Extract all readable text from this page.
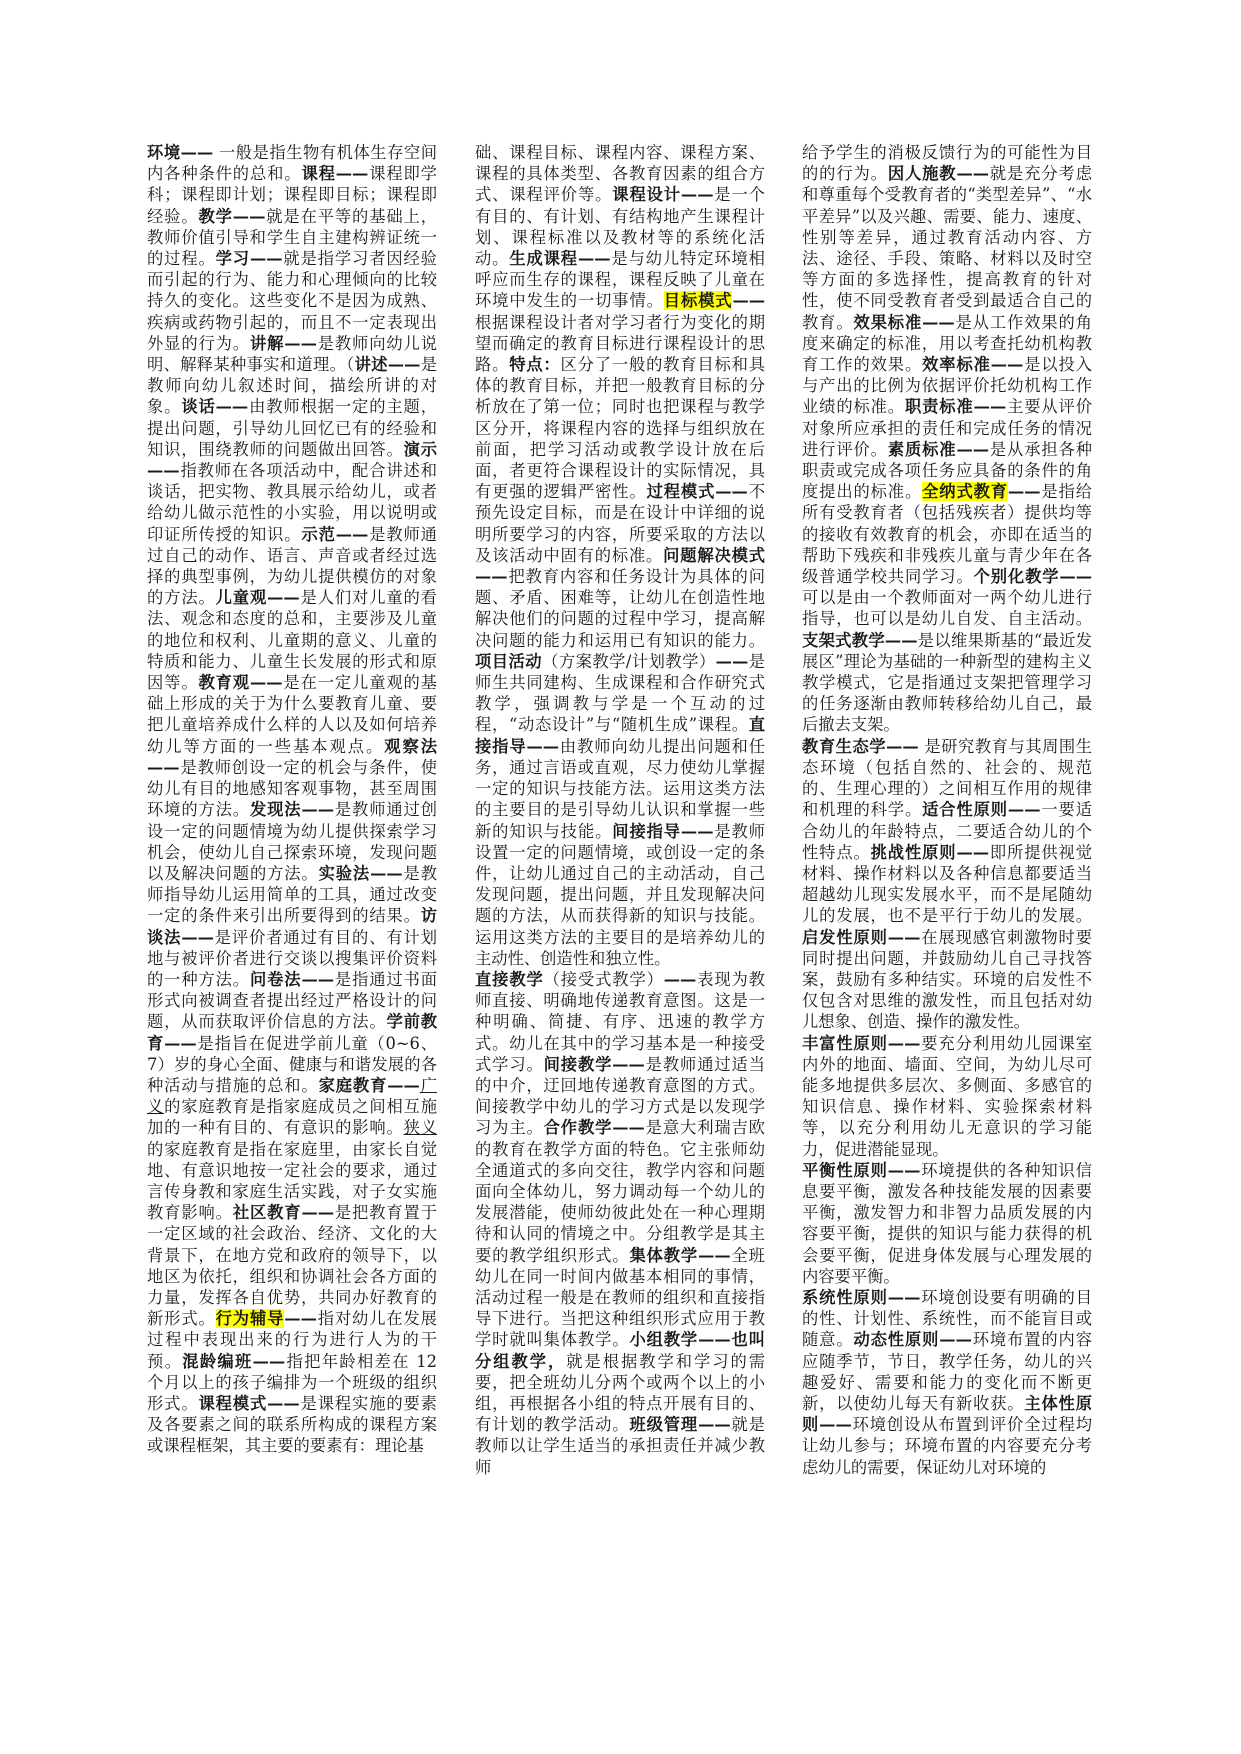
环境—— 一般是指生物有机体生存空间内各种条件的总和。课程——课程即学科；课程即计划；课程即目标；课程即经验。教学——就是在平等的基础上，教师价值引导和学生自主建构辨证统一的过程。学习——就是指学习者因经验而引起的行为、能力和心理倾向的比较持久的变化。这些变化不是因为成熟、疾病或药物引起的，而且不一定表现出外显的行为。讲解——是教师向幼儿说明、解释某种事实和道理。（讲述——是教师向幼儿叙述时间，描绘所讲的对象。谈话——由教师根据一定的主题，提出问题，引导幼儿回忆已有的经验和知识，围绕教师的问题做出回答。演示——指教师在各项活动中，配合讲述和谈话，把实物、教具展示给幼儿，或者给幼儿做示范性的小实验，用以说明或印证所传授的知识。示范——是教师通过自己的动作、语言、声音或者经过选择的典型事例，为幼儿提供模仿的对象的方法。儿童观——是人们对儿童的看法、观念和态度的总和，主要涉及儿童的地位和权利、儿童期的意义、儿童的特质和能力、儿童生长发展的形式和原因等。教育观——是在一定儿童观的基础上形成的关于为什么要教育儿童、要把儿童培养成什么样的人以及如何培养幼儿等方面的一些基本观点。观察法——是教师创设一定的机会与条件，使幼儿有目的地感知客观事物，甚至周围环境的方法。发现法——是教师通过创设一定的问题情境为幼儿提供探索学习机会，使幼儿自己探索环境，发现问题以及解决问题的方法。实验法——是教师指导幼儿运用简单的工具，通过改变一定的条件来引出所要得到的结果。访谈法——是评价者通过有目的、有计划地与被评价者进行交谈以搜集评价资料的一种方法。问卷法——是指通过书面形式向被调查者提出经过严格设计的问题，从而获取评价信息的方法。学前教育——是指旨在促进学前儿童（0~6、7）岁的身心全面、健康与和谐发展的各种活动与措施的总和。家庭教育——广义的家庭教育是指家庭成员之间相互施加的一种有目的、有意识的影响。狭义的家庭教育是指在家庭里，由家长自觉地、有意识地按一定社会的要求，通过言传身教和家庭生活实践，对子女实施教育影响。社区教育——是把教育置于一定区域的社会政治、经济、文化的大背景下，在地方党和政府的领导下，以地区为依托，组织和协调社会各方面的力量，发挥各自优势，共同办好教育的新形式。行为辅导——指对幼儿在发展过程中表现出来的行为进行人为的干预。混龄编班——指把年龄相差在 12 个月以上的孩子编排为一个班级的组织形式。课程模式——是课程实施的要素及各要素之间的联系所构成的课程方案或课程框架，其主要的要素有：理论基
础、课程目标、课程内容、课程方案、课程的具体类型、各教育因素的组合方式、课程评价等。课程设计——是一个有目的、有计划、有结构地产生课程计划、课程标准以及教材等的系统化活动。生成课程——是与幼儿特定环境相呼应而生存的课程，课程反映了儿童在环境中发生的一切事情。目标模式——根据课程设计者对学习者行为变化的期望而确定的教育目标进行课程设计的思路。特点：区分了一般的教育目标和具体的教育目标，并把一般教育目标的分析放在了第一位；同时也把课程与教学区分开，将课程内容的选择与组织放在前面，把学习活动或教学设计放在后面，者更符合课程设计的实际情况，具有更强的逻辑严密性。过程模式——不预先设定目标，而是在设计中详细的说明所要学习的内容，所要采取的方法以及该活动中固有的标准。问题解决模式——把教育内容和任务设计为具体的问题、矛盾、困难等，让幼儿在创造性地解决他们的问题的过程中学习，提高解决问题的能力和运用已有知识的能力。项目活动（方案教学/计划教学）——是师生共同建构、生成课程和合作研究式教学，强调教与学是一个互动的过程，“动态设计”与“随机生成”课程。直接指导——由教师向幼儿提出问题和任务，通过言语或直观，尽力使幼儿掌握一定的知识与技能方法。运用这类方法的主要目的是引导幼儿认识和掌握一些新的知识与技能。间接指导——是教师设置一定的问题情境，或创设一定的条件，让幼儿通过自己的主动活动，自己发现问题，提出问题，并且发现解决问题的方法，从而获得新的知识与技能。运用这类方法的主要目的是培养幼儿的主动性、创造性和独立性。
直接教学（接受式教学）——表现为教师直接、明确地传递教育意图。这是一种明确、简捷、有序、迅速的教学方式。幼儿在其中的学习基本是一种接受式学习。间接教学——是教师通过适当的中介，迂回地传递教育意图的方式。间接教学中幼儿的学习方式是以发现学习为主。合作教学——是意大利瑞吉欧的教育在教学方面的特色。它主张师幼全通道式的多向交往，教学内容和问题面向全体幼儿，努力调动每一个幼儿的发展潜能，使师幼彼此处在一种心理期待和认同的情境之中。分组教学是其主要的教学组织形式。集体教学——全班幼儿在同一时间内做基本相同的事情，活动过程一般是在教师的组织和直接指导下进行。当把这种组织形式应用于教学时就叫集体教学。小组教学——也叫分组教学，就是根据教学和学习的需要，把全班幼儿分两个或两个以上的小组，再根据各小组的特点开展有目的、有计划的教学活动。班级管理——就是教师以让学生适当的承担责任并减少教师
给予学生的消极反馈行为的可能性为目的的行为。因人施教——就是充分考虑和尊重每个受教育者的“类型差异”、“水平差异”以及兴趣、需要、能力、速度、性别等差异，通过教育活动内容、方法、途径、手段、策略、材料以及时空等方面的多选择性，提高教育的针对性，使不同受教育者受到最适合自己的教育。效果标准——是从工作效果的角度来确定的标准，用以考查托幼机构教育工作的效果。效率标准——是以投入与产出的比例为依据评价托幼机构工作业绩的标准。职责标准——主要从评价对象所应承担的责任和完成任务的情况进行评价。素质标准——是从承担各种职责或完成各项任务应具备的条件的角度提出的标准。全纳式教育——是指给所有受教育者（包括残疾者）提供均等的接收有效教育的机会，亦即在适当的帮助下残疾和非残疾儿童与青少年在各级普通学校共同学习。个别化教学——可以是由一个教师面对一两个幼儿进行指导，也可以是幼儿自发、自主活动。支架式教学——是以维果斯基的“最近发展区”理论为基础的一种新型的建构主义教学模式，它是指通过支架把管理学习的任务逐渐由教师转移给幼儿自己，最后撤去支架。
教育生态学—— 是研究教育与其周围生态环境（包括自然的、社会的、规范的、生理心理的）之间相互作用的规律和机理的科学。适合性原则——一要适合幼儿的年龄特点，二要适合幼儿的个性特点。挑战性原则——即所提供视觉材料、操作材料以及各种信息都要适当超越幼儿现实发展水平，而不是尾随幼儿的发展，也不是平行于幼儿的发展。启发性原则——在展现感官刺激物时要同时提出问题，并鼓励幼儿自己寻找答案，鼓励有多种结实。环境的启发性不仅包含对思维的激发性，而且包括对幼儿想象、创造、操作的激发性。
丰富性原则——要充分利用幼儿园课室内外的地面、墙面、空间，为幼儿尽可能多地提供多层次、多侧面、多感官的知识信息、操作材料、实验探索材料等，以充分利用幼儿无意识的学习能力，促进潜能显现。
平衡性原则——环境提供的各种知识信息要平衡，激发各种技能发展的因素要平衡，激发智力和非智力品质发展的内容要平衡，提供的知识与能力获得的机会要平衡，促进身体发展与心理发展的内容要平衡。
系统性原则——环境创设要有明确的目的性、计划性、系统性，而不能盲目或随意。动态性原则——环境布置的内容应随季节，节日，教学任务，幼儿的兴趣爱好、需要和能力的变化而不断更新，以使幼儿每天有新收获。主体性原则——环境创设从布置到评价全过程均让幼儿参与；环境布置的内容要充分考虑幼儿的需要，保证幼儿对环境的
